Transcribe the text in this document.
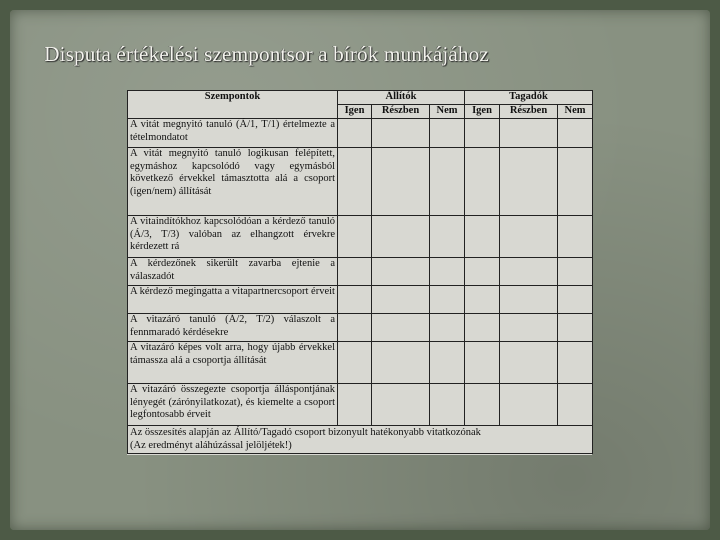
Disputa értékelési szempontsor a bírók munkájához
Szempontok	Állítók			Tagadók		
	Igen	Részben	Nem	Igen	Részben	Nem
A vitát megnyitó tanuló (Á/1, T/1) értelmezte a tételmondatot						
A vitát megnyitó tanuló logikusan felépített, egymáshoz kapcsolódó vagy egymásból következő érvekkel támasztotta alá a csoport (igen/nem) állítását						
A vitaindítókhoz kapcsolódóan a kérdező tanuló (Á/3, T/3) valóban az elhangzott érvekre kérdezett rá						
A kérdezőnek sikerült zavarba ejtenie a válaszadót						
A kérdező megingatta a vitapartnercsoport érveit						
A vitazáró tanuló (Á/2, T/2) válaszolt a fennmaradó kérdésekre						
A vitazáró képes volt arra, hogy újabb érvekkel támassza alá a csoportja állítását						
A vitazáró összegezte csoportja álláspontjának lényegét (zárónyilatkozat), és kiemelte a csoport legfontosabb érveit						

Az összesítés alapján az Állító/Tagadó csoport bizonyult hatékonyabb vitatkozónak
(Az eredményt aláhúzással jelöljétek!)						
